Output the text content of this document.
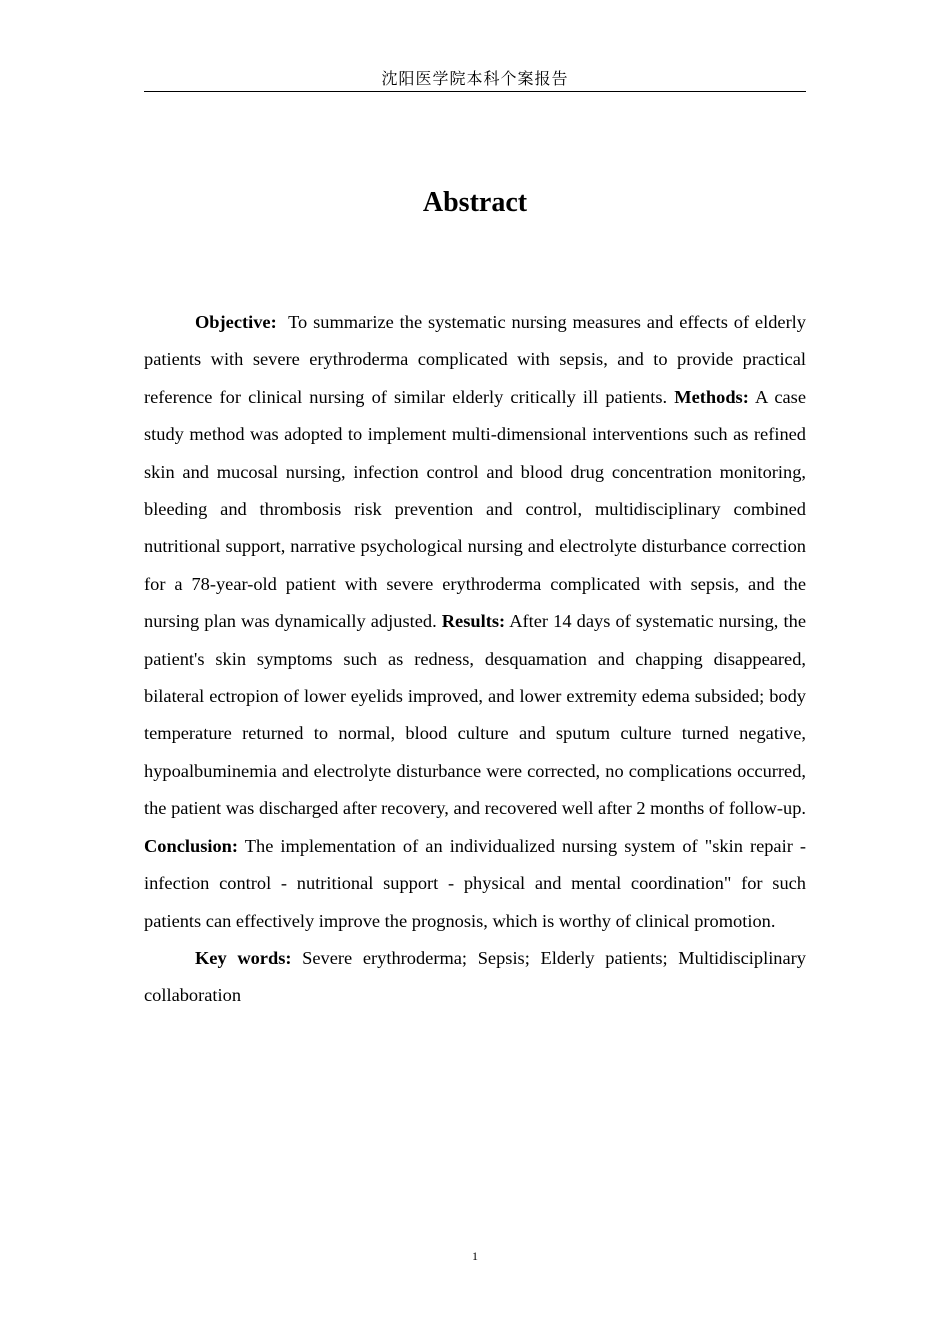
沈阳医学院本科个案报告
Abstract

Objective: To summarize the systematic nursing measures and effects of elderly patients with severe erythroderma complicated with sepsis, and to provide practical reference for clinical nursing of similar elderly critically ill patients. Methods: A case study method was adopted to implement multi-dimensional interventions such as refined skin and mucosal nursing, infection control and blood drug concentration monitoring, bleeding and thrombosis risk prevention and control, multidisciplinary combined nutritional support, narrative psychological nursing and electrolyte disturbance correction for a 78-year-old patient with severe erythroderma complicated with sepsis, and the nursing plan was dynamically adjusted. Results: After 14 days of systematic nursing, the patient's skin symptoms such as redness, desquamation and chapping disappeared, bilateral ectropion of lower eyelids improved, and lower extremity edema subsided; body temperature returned to normal, blood culture and sputum culture turned negative, hypoalbuminemia and electrolyte disturbance were corrected, no complications occurred, the patient was discharged after recovery, and recovered well after 2 months of follow-up. Conclusion: The implementation of an individualized nursing system of "skin repair - infection control - nutritional support - physical and mental coordination" for such patients can effectively improve the prognosis, which is worthy of clinical promotion.

Key words: Severe erythroderma; Sepsis; Elderly patients; Multidisciplinary collaboration

1
